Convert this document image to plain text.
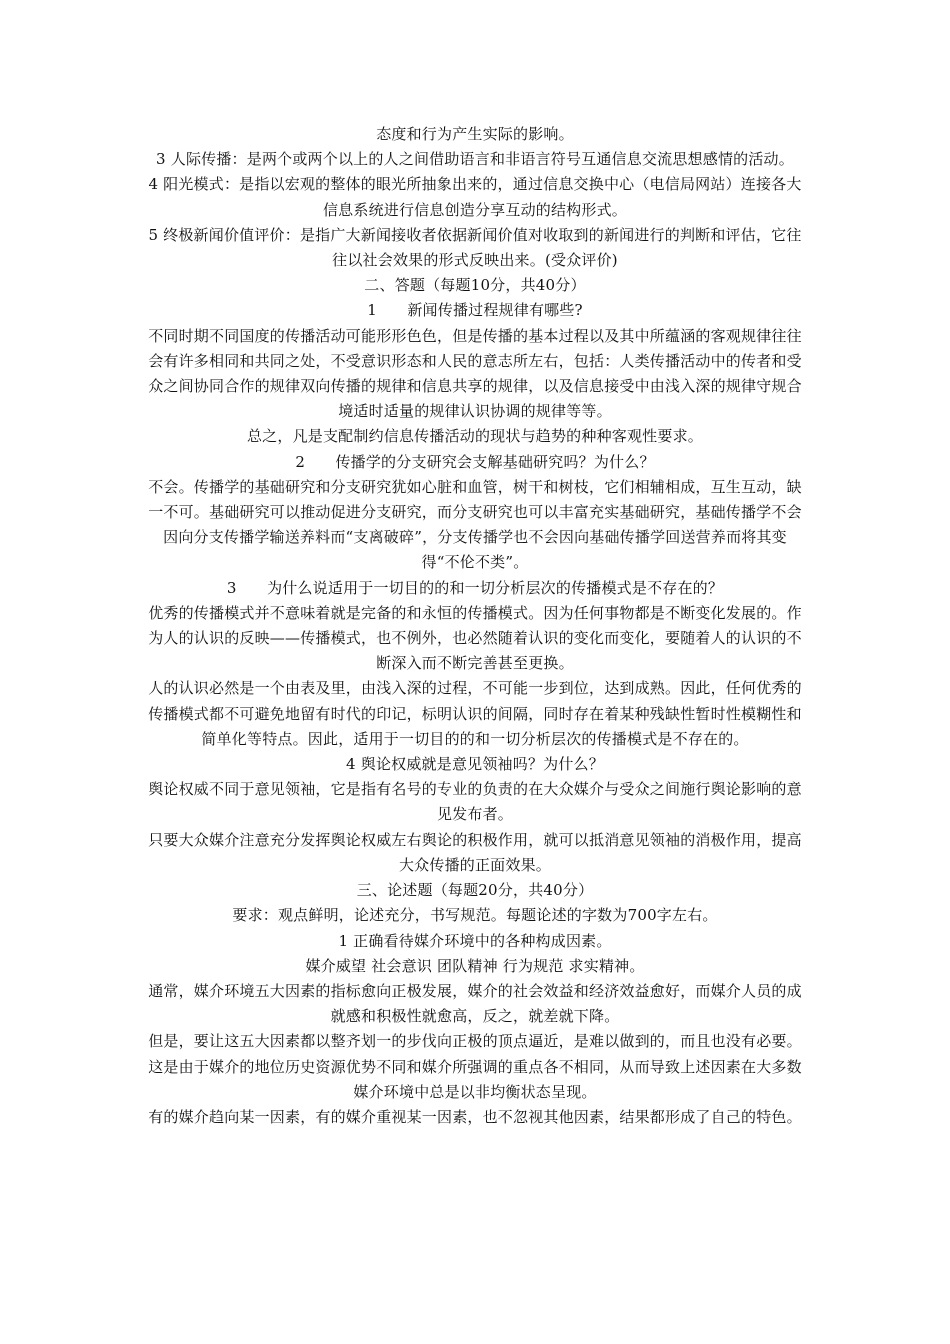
态度和行为产生实际的影响。

3 人际传播：是两个或两个以上的人之间借助语言和非语言符号互通信息交流思想感情的活动。

4 阳光模式：是指以宏观的整体的眼光所抽象出来的，通过信息交换中心（电信局网站）连接各大信息系统进行信息创造分享互动的结构形式。

5 终极新闻价值评价：是指广大新闻接收者依据新闻价值对收取到的新闻进行的判断和评估，它往往以社会效果的形式反映出来。(受众评价)

二、答题（每题10分，共40分）

1　　新闻传播过程规律有哪些?

不同时期不同国度的传播活动可能形形色色，但是传播的基本过程以及其中所蕴涵的客观规律往往会有许多相同和共同之处，不受意识形态和人民的意志所左右，包括：人类传播活动中的传者和受众之间协同合作的规律双向传播的规律和信息共享的规律，以及信息接受中由浅入深的规律守规合境适时适量的规律认识协调的规律等等。

总之，凡是支配制约信息传播活动的现状与趋势的种种客观性要求。

2　　传播学的分支研究会支解基础研究吗？为什么？

不会。传播学的基础研究和分支研究犹如心脏和血管，树干和树枝，它们相辅相成，互生互动，缺一不可。基础研究可以推动促进分支研究，而分支研究也可以丰富充实基础研究，基础传播学不会因向分支传播学输送养料而“支离破碎”，分支传播学也不会因向基础传播学回送营养而将其变得“不伦不类”。

3　　为什么说适用于一切目的的和一切分析层次的传播模式是不存在的？

优秀的传播模式并不意味着就是完备的和永恒的传播模式。因为任何事物都是不断变化发展的。作为人的认识的反映——传播模式，也不例外，也必然随着认识的变化而变化，要随着人的认识的不断深入而不断完善甚至更换。

人的认识必然是一个由表及里，由浅入深的过程，不可能一步到位，达到成熟。因此，任何优秀的传播模式都不可避免地留有时代的印记，标明认识的间隔，同时存在着某种残缺性暂时性模糊性和简单化等特点。因此，适用于一切目的的和一切分析层次的传播模式是不存在的。

4 舆论权威就是意见领袖吗？为什么？

舆论权威不同于意见领袖，它是指有名号的专业的负责的在大众媒介与受众之间施行舆论影响的意见发布者。

只要大众媒介注意充分发挥舆论权威左右舆论的积极作用，就可以抵消意见领袖的消极作用，提高大众传播的正面效果。

三、论述题（每题20分，共40分）

要求：观点鲜明，论述充分，书写规范。每题论述的字数为700字左右。

1 正确看待媒介环境中的各种构成因素。

媒介威望 社会意识 团队精神 行为规范 求实精神。

通常，媒介环境五大因素的指标愈向正极发展，媒介的社会效益和经济效益愈好，而媒介人员的成就感和积极性就愈高，反之，就差就下降。

但是，要让这五大因素都以整齐划一的步伐向正极的顶点逼近，是难以做到的，而且也没有必要。

这是由于媒介的地位历史资源优势不同和媒介所强调的重点各不相同，从而导致上述因素在大多数媒介环境中总是以非均衡状态呈现。

有的媒介趋向某一因素，有的媒介重视某一因素，也不忽视其他因素，结果都形成了自己的特色。
